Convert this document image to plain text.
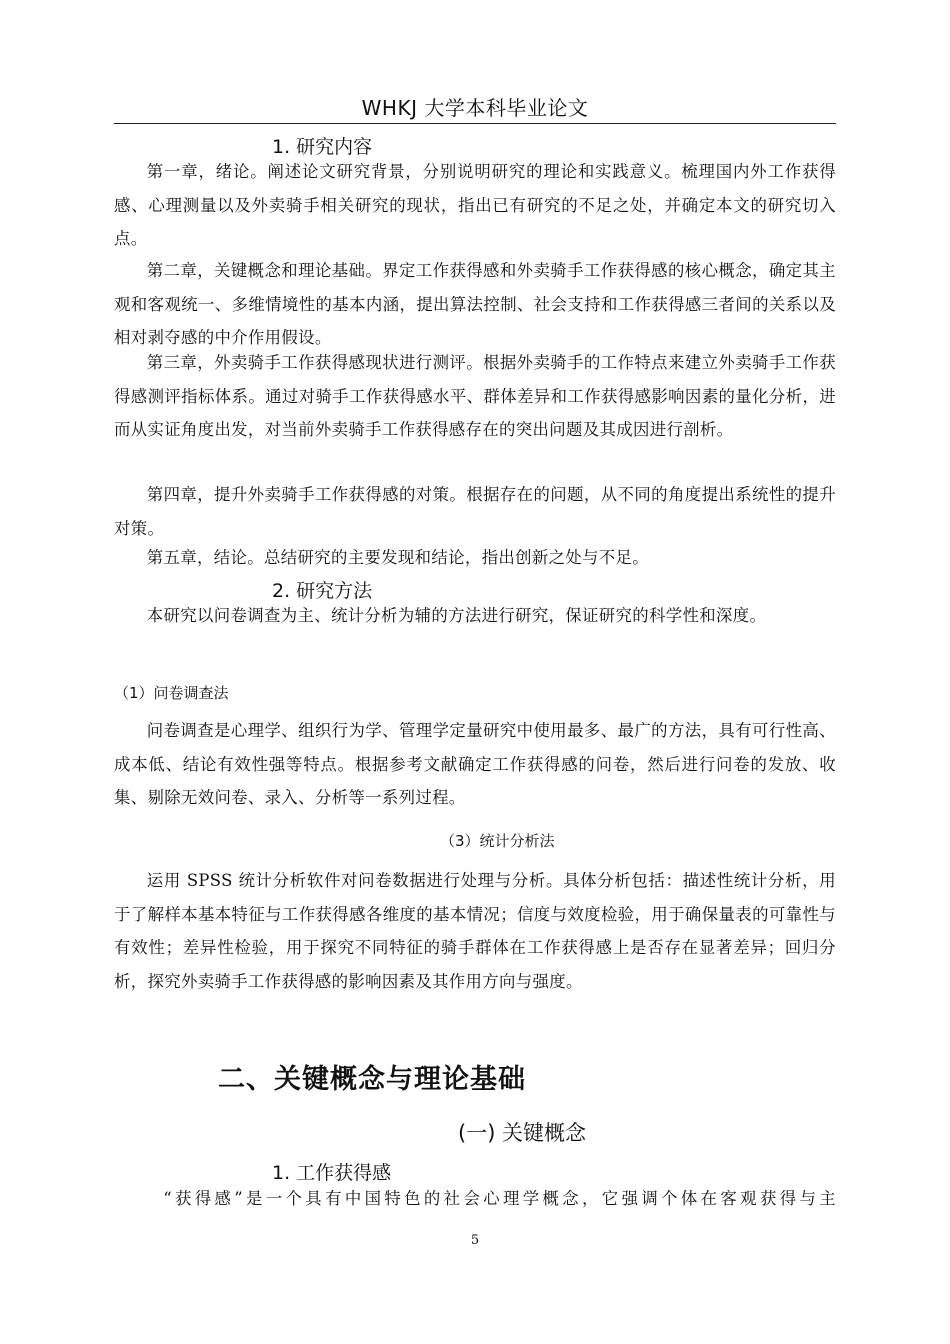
WHKJ 大学本科毕业论文
1. 研究内容

第一章，绪论。阐述论文研究背景，分别说明研究的理论和实践意义。梳理国内外工作获得感、心理测量以及外卖骑手相关研究的现状，指出已有研究的不足之处，并确定本文的研究切入点。

第二章，关键概念和理论基础。界定工作获得感和外卖骑手工作获得感的核心概念，确定其主观和客观统一、多维情境性的基本内涵，提出算法控制、社会支持和工作获得感三者间的关系以及相对剥夺感的中介作用假设。

第三章，外卖骑手工作获得感现状进行测评。根据外卖骑手的工作特点来建立外卖骑手工作获得感测评指标体系。通过对骑手工作获得感水平、群体差异和工作获得感影响因素的量化分析，进而从实证角度出发，对当前外卖骑手工作获得感存在的突出问题及其成因进行剖析。

第四章，提升外卖骑手工作获得感的对策。根据存在的问题，从不同的角度提出系统性的提升对策。

第五章，结论。总结研究的主要发现和结论，指出创新之处与不足。

2. 研究方法

本研究以问卷调查为主、统计分析为辅的方法进行研究，保证研究的科学性和深度。

（1）问卷调查法

问卷调查是心理学、组织行为学、管理学定量研究中使用最多、最广的方法，具有可行性高、成本低、结论有效性强等特点。根据参考文献确定工作获得感的问卷，然后进行问卷的发放、收集、剔除无效问卷、录入、分析等一系列过程。

（3）统计分析法

运用 SPSS 统计分析软件对问卷数据进行处理与分析。具体分析包括：描述性统计分析，用于了解样本基本特征与工作获得感各维度的基本情况；信度与效度检验，用于确保量表的可靠性与有效性；差异性检验，用于探究不同特征的骑手群体在工作获得感上是否存在显著差异；回归分析，探究外卖骑手工作获得感的影响因素及其作用方向与强度。

二、关键概念与理论基础
(一) 关键概念
1. 工作获得感

“获得感”是一个具有中国特色的社会心理学概念，它强调个体在客观获得与主

5
